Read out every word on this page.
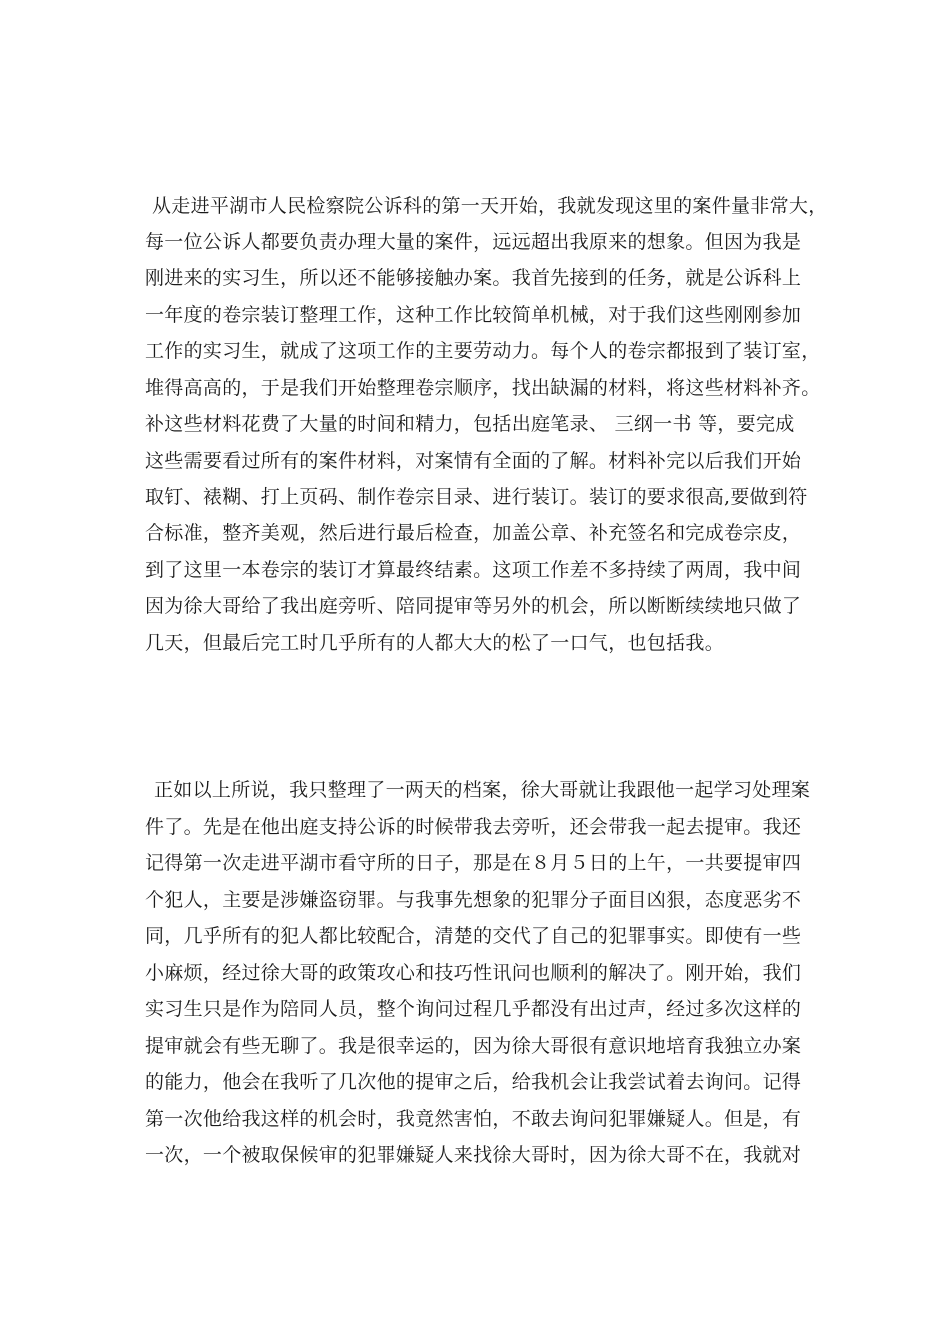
从走进平湖市人民检察院公诉科的第一天开始，我就发现这里的案件量非常大，
每一位公诉人都要负责办理大量的案件，远远超出我原来的想象。但因为我是
刚进来的实习生，所以还不能够接触办案。我首先接到的任务，就是公诉科上
一年度的卷宗装订整理工作，这种工作比较简单机械，对于我们这些刚刚参加
工作的实习生，就成了这项工作的主要劳动力。每个人的卷宗都报到了装订室，
堆得高高的，于是我们开始整理卷宗顺序，找出缺漏的材料，将这些材料补齐。
补这些材料花费了大量的时间和精力，包括出庭笔录、 三纲一书 等，要完成
这些需要看过所有的案件材料，对案情有全面的了解。材料补完以后我们开始
取钉、裱糊、打上页码、制作卷宗目录、进行装订。装订的要求很高,要做到符
合标准，整齐美观，然后进行最后检查，加盖公章、补充签名和完成卷宗皮，
到了这里一本卷宗的装订才算最终结素。这项工作差不多持续了两周，我中间
因为徐大哥给了我出庭旁听、陪同提审等另外的机会，所以断断续续地只做了
几天，但最后完工时几乎所有的人都大大的松了一口气，也包括我。
正如以上所说，我只整理了一两天的档案，徐大哥就让我跟他一起学习处理案
件了。先是在他出庭支持公诉的时候带我去旁听，还会带我一起去提审。我还
记得第一次走进平湖市看守所的日子，那是在８月５日的上午，一共要提审四
个犯人，主要是涉嫌盗窃罪。与我事先想象的犯罪分子面目凶狠，态度恶劣不
同，几乎所有的犯人都比较配合，清楚的交代了自己的犯罪事实。即使有一些
小麻烦，经过徐大哥的政策攻心和技巧性讯问也顺利的解决了。刚开始，我们
实习生只是作为陪同人员，整个询问过程几乎都没有出过声，经过多次这样的
提审就会有些无聊了。我是很幸运的，因为徐大哥很有意识地培育我独立办案
的能力，他会在我听了几次他的提审之后，给我机会让我尝试着去询问。记得
第一次他给我这样的机会时，我竟然害怕，不敢去询问犯罪嫌疑人。但是，有
一次，一个被取保候审的犯罪嫌疑人来找徐大哥时，因为徐大哥不在，我就对
